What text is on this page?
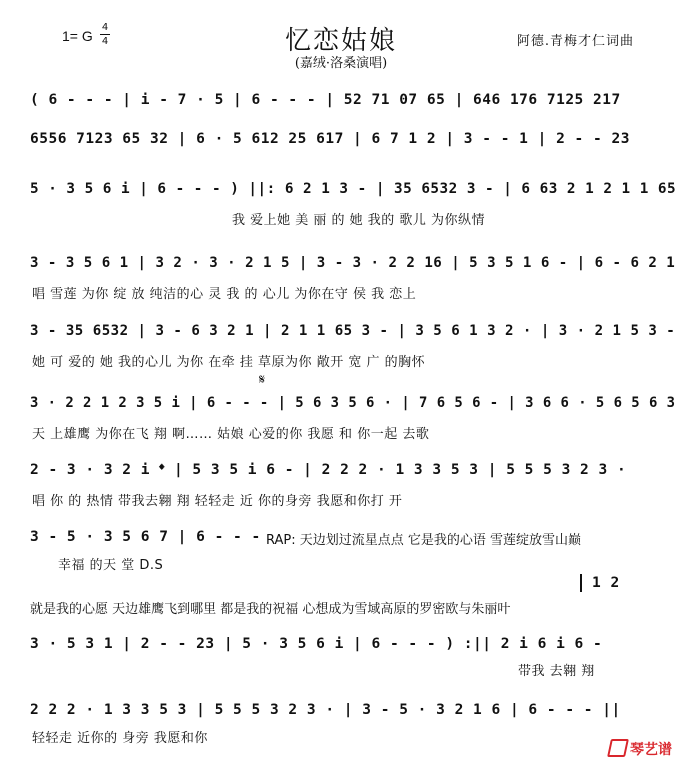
1= G
4
4	忆恋姑娘
(嘉绒·洛桑演唱)
阿德.青梅才仁词曲
( 6 - - - | i - 7 · 5 | 6 - - - | 52 71 07 65 | 646 176 7125 217
6556 7123 65 32 | 6 · 5 612 25 617 | 6 7 1 2 | 3 - - 1 | 2 - - 23
5 · 3 5 6 i | 6 - - - ) ||: 6 2 1 3 - | 35 6532 3 - | 6 63 2 1 2 1 1 65
我 爱上她 美 丽 的 她 我的 歌儿 为你纵情
3 - 3 5 6 1 | 3 2 · 3 · 2 1 5 | 3 - 3 · 2 2 16 | 5 3 5 1 6 - | 6 - 6 2 1
唱 雪莲 为你 绽 放 纯洁的心 灵 我 的 心儿 为你在守 侯 我 恋上
3 - 35 6532 | 3 - 6 3 2 1 | 2 1 1 65 3 - | 3 5 6 1 3 2 · | 3 · 2 1 5 3 -
她 可 爱的 她 我的心儿 为你 在牵 挂 草原为你 敞开 宽 广 的胸怀
𝄋
3 · 2 2 1 2 3 5 i | 6 - - - | 5 6 3 5 6 · | 7 6 5 6 - | 3 6 6 · 5 6 5 6 3
天 上雄鹰 为你在飞 翔 啊…… 姑娘 心爱的你 我愿 和 你一起 去歌
2 - 3 · 3 2 i 𝄌 | 5 3 5 i 6 - | 2 2 2 · 1 3 3 5 3 | 5 5 5 3 2 3 ·
唱 你 的 热情 带我去翱 翔 轻轻走 近 你的身旁 我愿和你打 开
3 - 5 · 3 5 6 7 | 6 - - - RAP: 天边划过流星点点 它是我的心语 雪莲绽放雪山巅
幸福 的天 堂 D.S
1 2
就是我的心愿 天边雄鹰飞到哪里 都是我的祝福 心想成为雪域高原的罗密欧与朱丽叶
3 · 5 3 1 | 2 - - 23 | 5 · 3 5 6 i | 6 - - - ) :|| 2 i 6 i 6 -
带我 去翱 翔
2 2 2 · 1 3 3 5 3 | 5 5 5 3 2 3 · | 3 - 5 · 3 2 1 6 | 6 - - - ||
轻轻走 近你的 身旁 我愿和你
琴艺谱
